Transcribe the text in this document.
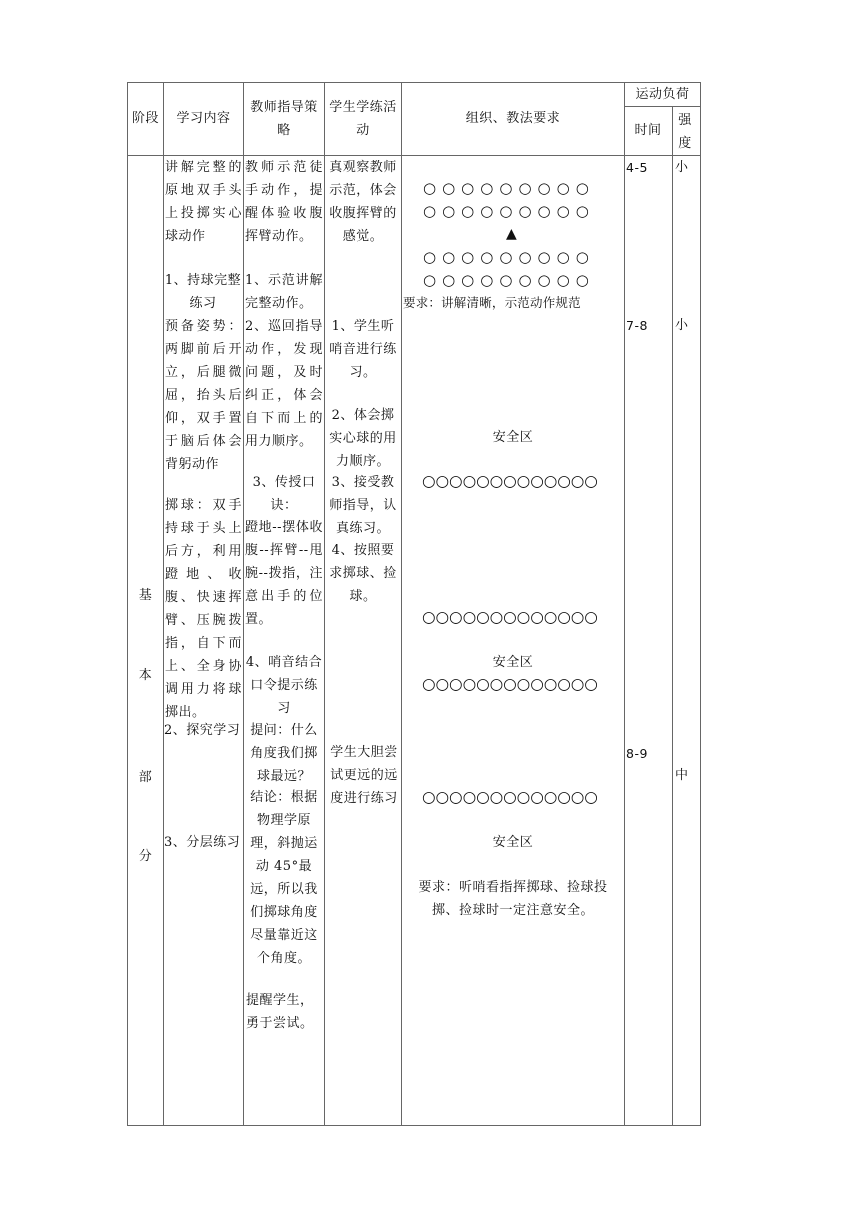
阶段	学习内容
教师指导策略
学生学练活动
组织、教法要求
运动负荷
时间
强度
基
本
部
分
讲解完整的原地双手头上投掷实心球动作
1、持球完整练习
预备姿势：两脚前后开立，后腿微屈，抬头后仰，双手置于脑后体会背躬动作
掷球：双手持球于头上后方，利用蹬地、收腹、快速挥臂、压腕拨指，自下而上、全身协调用力将球掷出。
2、探究学习
3、分层练习
教师示范徒手动作，提醒体验收腹挥臂动作。
1、示范讲解完整动作。
2、巡回指导动作，发现问题，及时纠正，体会自下而上的用力顺序。
3、传授口诀：
蹬地--摆体收腹--挥臂--甩腕--拨指，注意出手的位置。
4、哨音结合口令提示练习
提问：什么角度我们掷球最远？
结论：根据物理学原理，斜抛运动 45°最远，所以我们掷球角度尽量靠近这个角度。
提醒学生，勇于尝试。
真观察教师示范，体会收腹挥臂的感觉。
1、学生听哨音进行练习。
2、体会掷实心球的用力顺序。
3、接受教师指导，认真练习。
4、按照要求掷球、捡球。
学生大胆尝试更远的远度进行练习
○○○○○○○○○
○○○○○○○○○
▲
○○○○○○○○○
○○○○○○○○○
要求：讲解清晰，示范动作规范
安全区
○○○○○○○○○○○○○
○○○○○○○○○○○○○
安全区
○○○○○○○○○○○○○
○○○○○○○○○○○○○
安全区
要求：听哨看指挥掷球、捡球投掷、捡球时一定注意安全。
4-5 小
7-8 小
8-9
中
